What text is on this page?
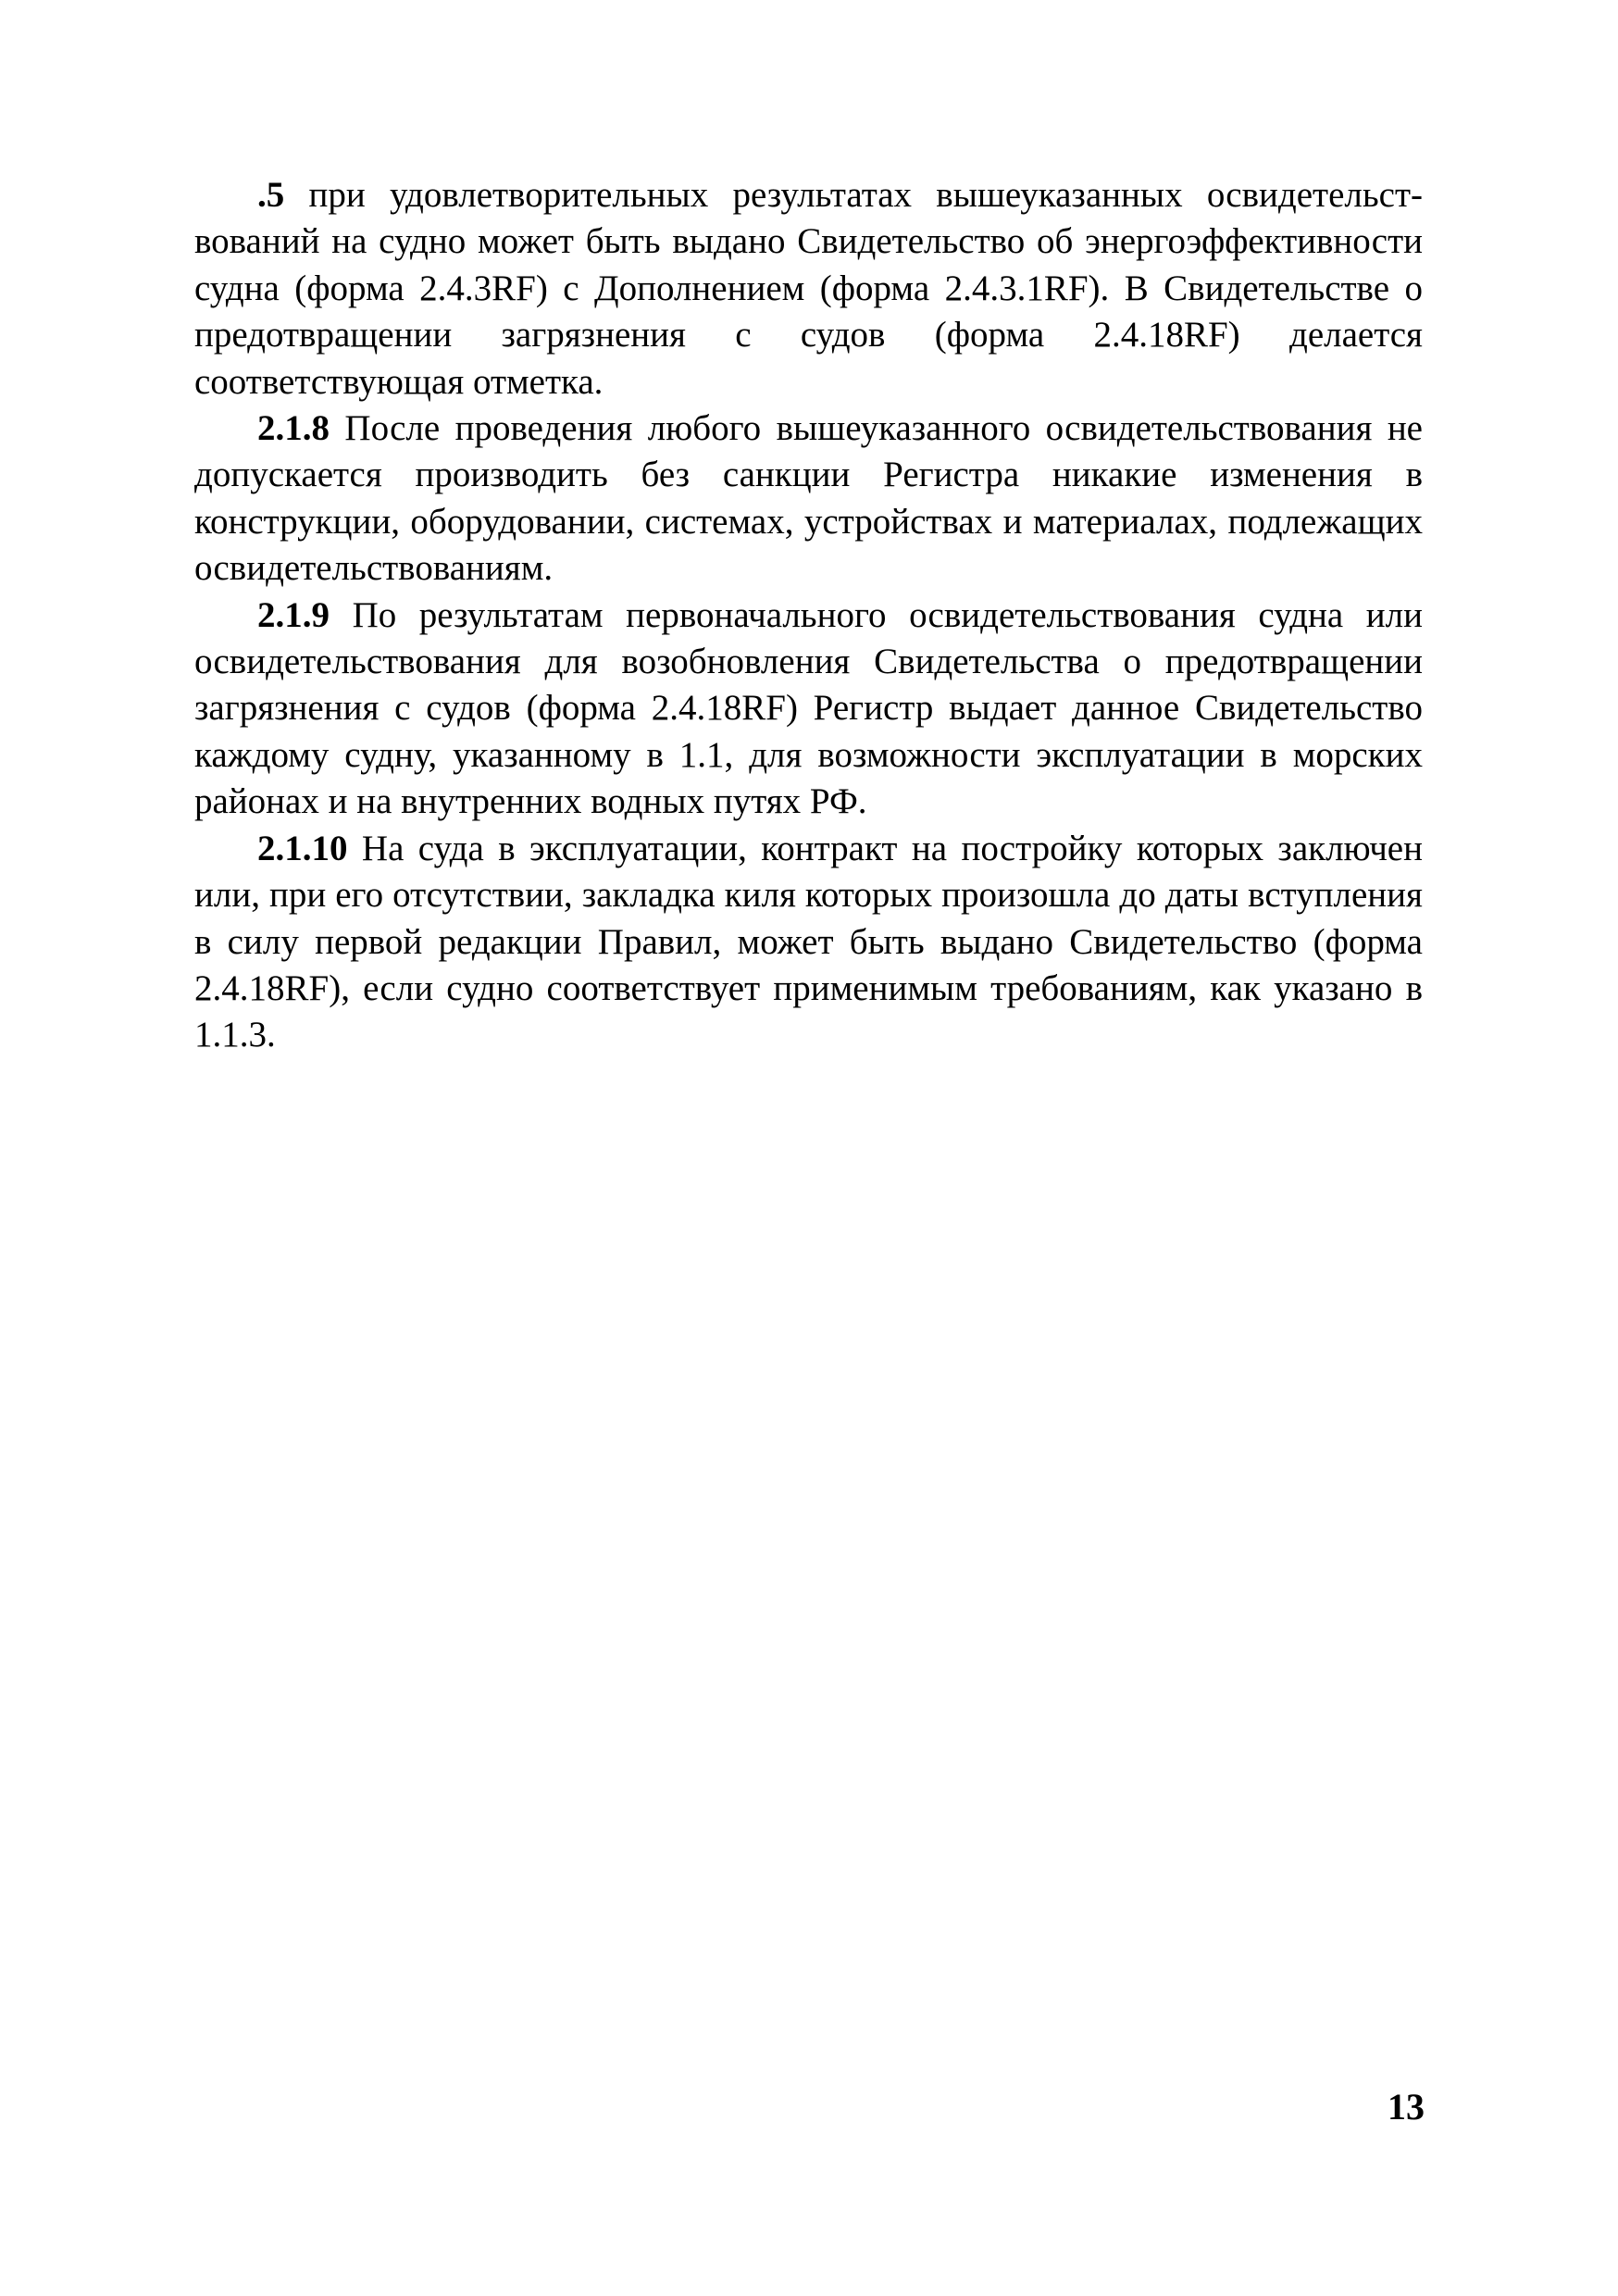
.5 при удовлетворительных результатах вышеуказанных освидетельствований на судно может быть выдано Свидетельство об энергоэффективности судна (форма 2.4.3RF) с Дополнением (форма 2.4.3.1RF). В Свидетельстве о предотвращении загрязнения с судов (форма 2.4.18RF) делается соответствующая отметка.

2.1.8 После проведения любого вышеуказанного освидетельствования не допускается производить без санкции Регистра никакие изменения в конструкции, оборудовании, системах, устройствах и материалах, подлежащих освидетельствованиям.

2.1.9 По результатам первоначального освидетельствования судна или освидетельствования для возобновления Свидетельства о предотвращении загрязнения с судов (форма 2.4.18RF) Регистр выдает данное Свидетельство каждому судну, указанному в 1.1, для возможности эксплуатации в морских районах и на внутренних водных путях РФ.

2.1.10 На суда в эксплуатации, контракт на постройку которых заключен или, при его отсутствии, закладка киля которых произошла до даты вступления в силу первой редакции Правил, может быть выдано Свидетельство (форма 2.4.18RF), если судно соответствует применимым требованиям, как указано в 1.1.3.

13
